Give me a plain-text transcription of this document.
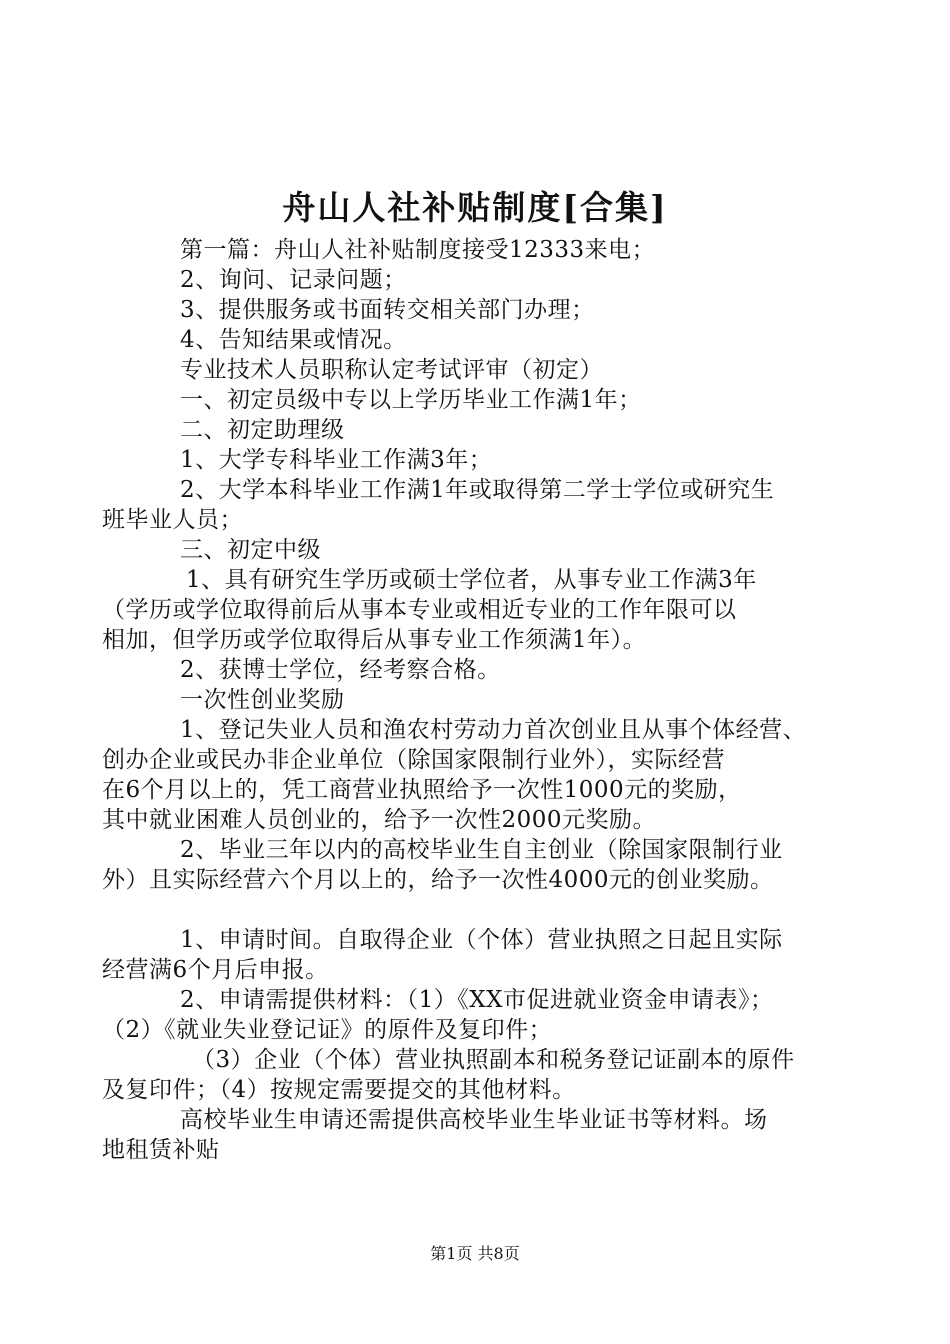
舟山人社补贴制度[合集]
第一篇：舟山人社补贴制度接受12333来电；
2、询问、记录问题；
3、提供服务或书面转交相关部门办理；
4、告知结果或情况。
专业技术人员职称认定考试评审（初定）
一、初定员级中专以上学历毕业工作满1年；
二、初定助理级
1、大学专科毕业工作满3年；
2、大学本科毕业工作满1年或取得第二学士学位或研究生
班毕业人员；
三、初定中级
1、具有研究生学历或硕士学位者，从事专业工作满3年
（学历或学位取得前后从事本专业或相近专业的工作年限可以
相加，但学历或学位取得后从事专业工作须满1年）。
2、获博士学位，经考察合格。
一次性创业奖励
1、登记失业人员和渔农村劳动力首次创业且从事个体经营、
创办企业或民办非企业单位（除国家限制行业外），实际经营
在6个月以上的，凭工商营业执照给予一次性1000元的奖励，
其中就业困难人员创业的，给予一次性2000元奖励。
2、毕业三年以内的高校毕业生自主创业（除国家限制行业
外）且实际经营六个月以上的，给予一次性4000元的创业奖励。
1、申请时间。自取得企业（个体）营业执照之日起且实际
经营满6个月后申报。
2、申请需提供材料：（1）《XX市促进就业资金申请表》；
（2）《就业失业登记证》的原件及复印件；
（3）企业（个体）营业执照副本和税务登记证副本的原件
及复印件；（4）按规定需要提交的其他材料。
高校毕业生申请还需提供高校毕业生毕业证书等材料。场
地租赁补贴
第1页 共8页
